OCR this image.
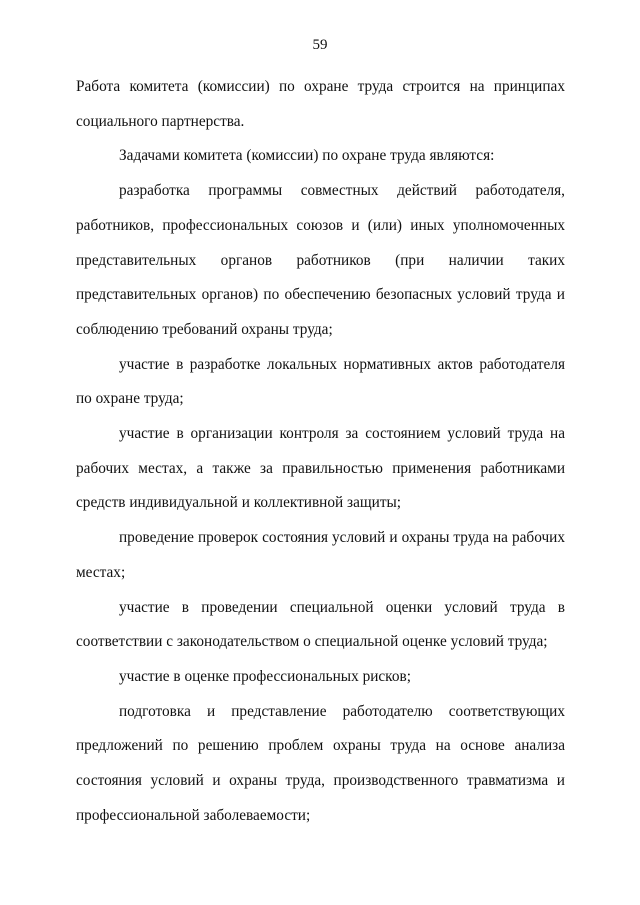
59

Работа комитета (комиссии) по охране труда строится на принципах социального партнерства.

Задачами комитета (комиссии) по охране труда являются:

разработка программы совместных действий работодателя, работников, профессиональных союзов и (или) иных уполномоченных представительных органов работников (при наличии таких представительных органов) по обеспечению безопасных условий труда и соблюдению требований охраны труда;

участие в разработке локальных нормативных актов работодателя по охране труда;

участие в организации контроля за состоянием условий труда на рабочих местах, а также за правильностью применения работниками средств индивидуальной и коллективной защиты;

проведение проверок состояния условий и охраны труда на рабочих местах;

участие в проведении специальной оценки условий труда в соответствии с законодательством о специальной оценке условий труда;

участие в оценке профессиональных рисков;

подготовка и представление работодателю соответствующих предложений по решению проблем охраны труда на основе анализа состояния условий и охраны труда, производственного травматизма и профессиональной заболеваемости;
